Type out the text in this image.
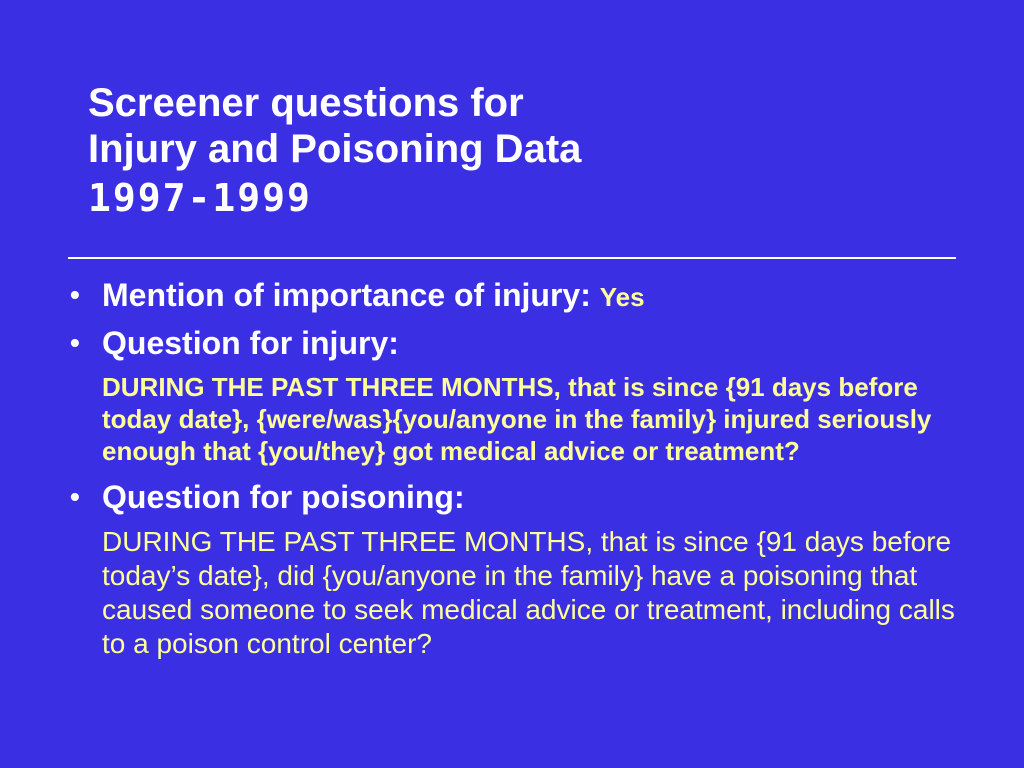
Screener questions for
Injury and Poisoning Data
1997-1999
• Mention of importance of injury: Yes
• Question for injury:
DURING THE PAST THREE MONTHS, that is since {91 days before today date}, {were/was}{you/anyone in the family} injured seriously enough that {you/they} got medical advice or treatment?
• Question for poisoning:
DURING THE PAST THREE MONTHS, that is since {91 days before today’s date}, did {you/anyone in the family} have a poisoning that caused someone to seek medical advice or treatment, including calls to a poison control center?
